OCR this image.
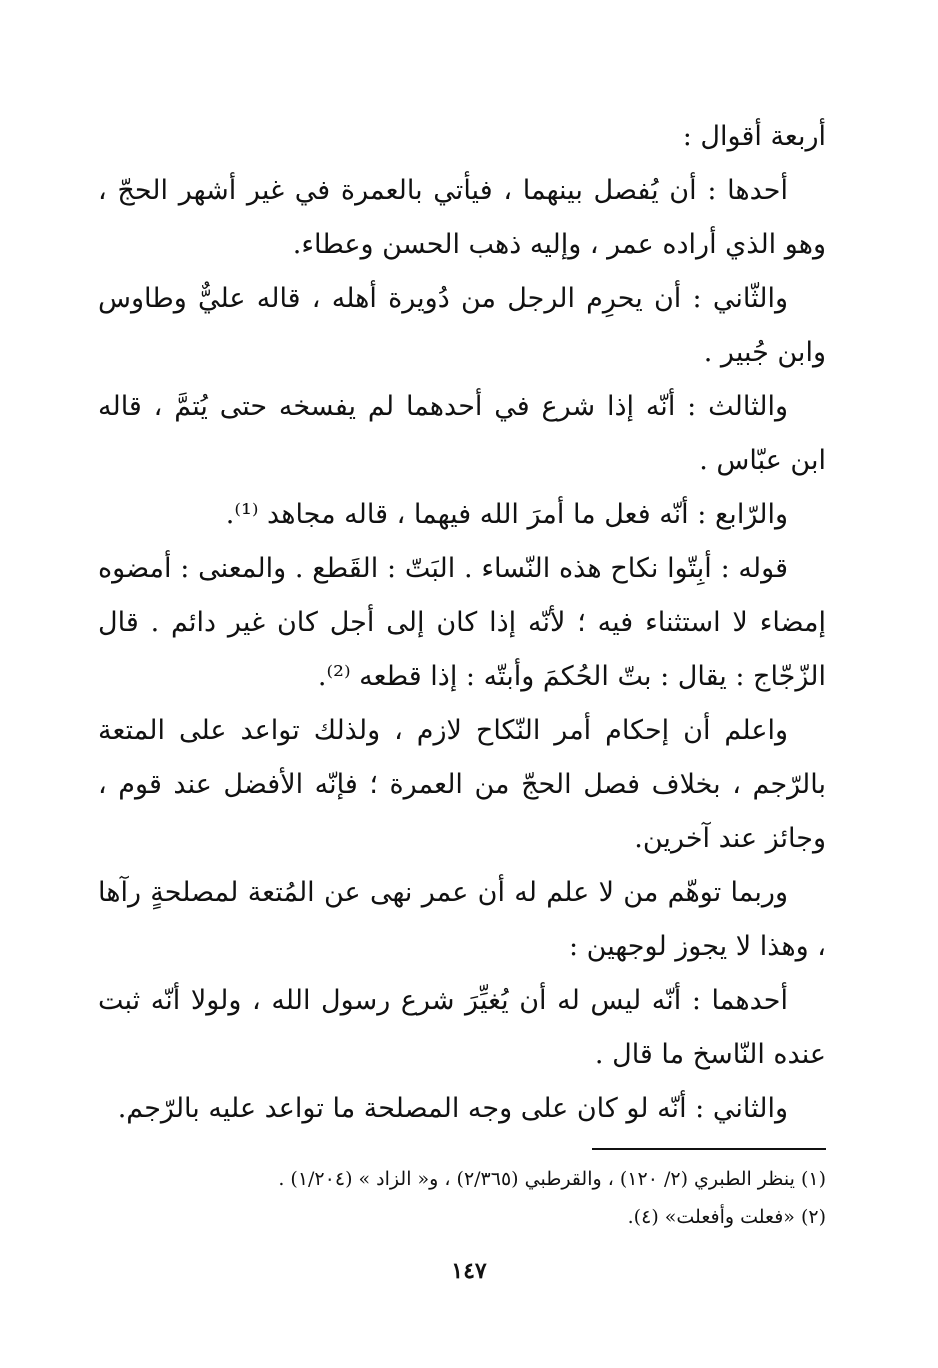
أربعة أقوال :

أحدها : أن يُفصل بينهما ، فيأتي بالعمرة في غير أشهر الحجّ ، وهو الذي أراده عمر ، وإليه ذهب الحسن وعطاء.

والثّاني : أن يحرِم الرجل من دُويرة أهله ، قاله عليٌّ وطاوس وابن جُبير .

والثالث : أنّه إذا شرع في أحدهما لم يفسخه حتى يُتمَّ ، قاله ابن عبّاس .

والرّابع : أنّه فعل ما أمرَ الله فيهما ، قاله مجاهد ⁽¹⁾.

قوله : أبِتّوا نكاح هذه النّساء . البَتّ : القَطع . والمعنى : أمضوه إمضاء لا استثناء فيه ؛ لأنّه إذا كان إلى أجل كان غير دائم . قال الزّجّاج : يقال : بتّ الحُكمَ وأبتّه : إذا قطعه ⁽²⁾.

واعلم أن إحكام أمر النّكاح لازم ، ولذلك تواعد على المتعة بالرّجم ، بخلاف فصل الحجّ من العمرة ؛ فإنّه الأفضل عند قوم ، وجائز عند آخرين.

وربما توهّم من لا علم له أن عمر نهى عن المُتعة لمصلحةٍ رآها ، وهذا لا يجوز لوجهين :

أحدهما : أنّه ليس له أن يُغيِّرَ شرع رسول الله ، ولولا أنّه ثبت عنده النّاسخ ما قال .

والثاني : أنّه لو كان على وجه المصلحة ما تواعد عليه بالرّجم.

(١) ينظر الطبري (٢/ ١٢٠) ، والقرطبي (٢/٣٦٥) ، و« الزاد » (١/٢٠٤) .

(٢) «فعلت وأفعلت» (٤).

١٤٧
